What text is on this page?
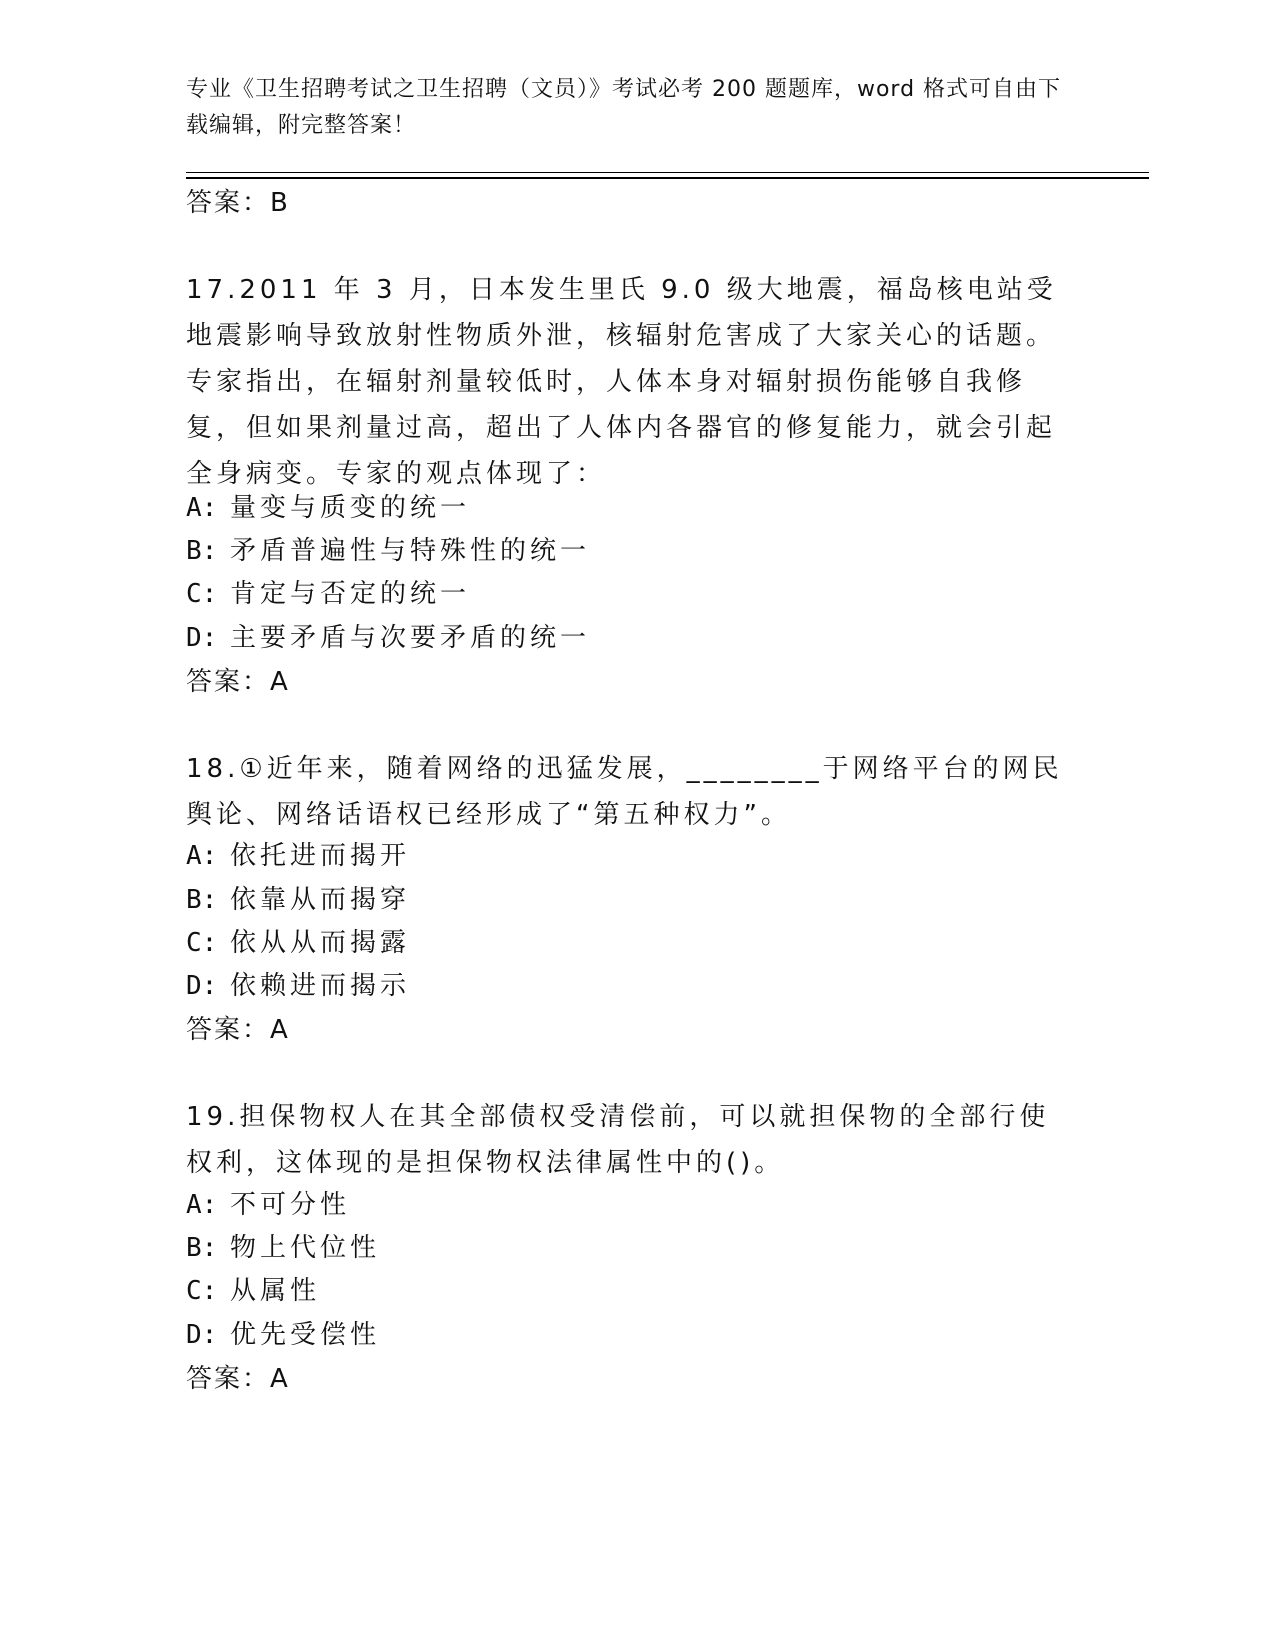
专业《卫生招聘考试之卫生招聘（文员）》考试必考 200 题题库，word 格式可自由下载编辑，附完整答案！
答案：B
17.2011 年 3 月，日本发生里氏 9.0 级大地震，福岛核电站受地震影响导致放射性物质外泄，核辐射危害成了大家关心的话题。专家指出，在辐射剂量较低时，人体本身对辐射损伤能够自我修复，但如果剂量过高，超出了人体内各器官的修复能力，就会引起全身病变。专家的观点体现了：
A: 量变与质变的统一
B: 矛盾普遍性与特殊性的统一
C: 肯定与否定的统一
D: 主要矛盾与次要矛盾的统一
答案：A
18.①近年来，随着网络的迅猛发展，________于网络平台的网民舆论、网络话语权已经形成了“第五种权力”。
A: 依托进而揭开
B: 依靠从而揭穿
C: 依从从而揭露
D: 依赖进而揭示
答案：A
19.担保物权人在其全部债权受清偿前，可以就担保物的全部行使权利，这体现的是担保物权法律属性中的()。
A: 不可分性
B: 物上代位性
C: 从属性
D: 优先受偿性
答案：A
